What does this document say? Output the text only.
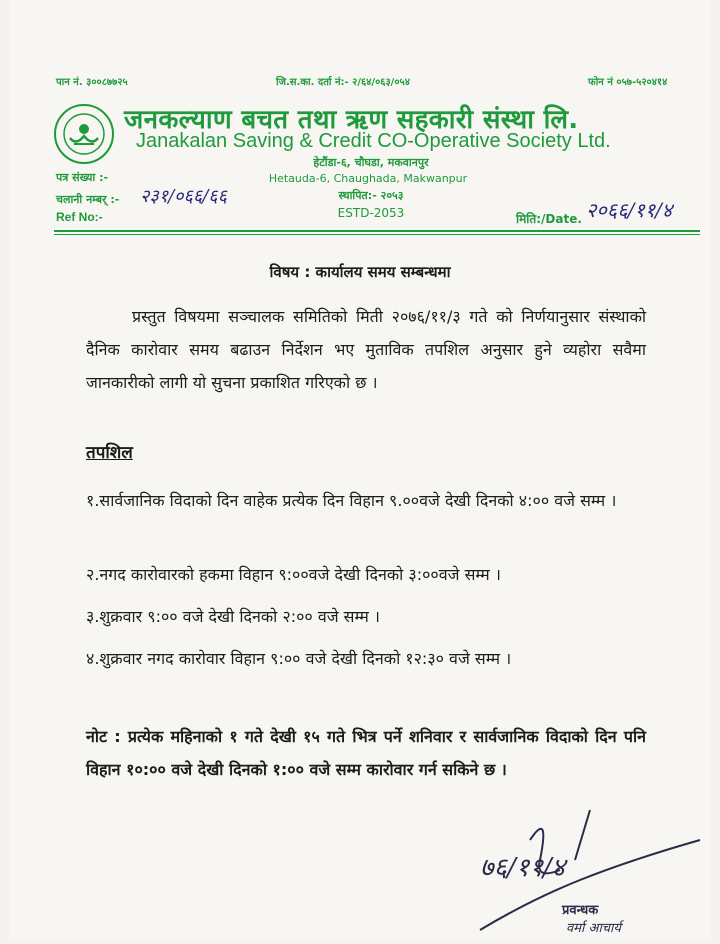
पान नं. ३००८७७२५	जि.स.का. दर्ता नं:- २/६४/०६३/०५४	फोन नं ०५७-५२०४१४
जनकल्याण बचत तथा ऋण सहकारी संस्था लि.
Janakalan Saving & Credit CO-Operative Society Ltd.
हेटौंडा-६, चौघडा, मकवानपुर
Hetauda-6, Chaughada, Makwanpur
स्थापित:- २०५३
ESTD-2053
पत्र संख्या :-
चलानी नम्बर् :- २३१/०६६/६६
Ref No:-	मिति:/Date. २०६६/११/४
विषय : कार्यालय समय सम्बन्धमा
प्रस्तुत विषयमा सञ्चालक समितिको मिती २०७६/११/३ गते को निर्णयानुसार संस्थाको दैनिक कारोवार समय बढाउन निर्देशन भए मुताविक तपशिल अनुसार हुने व्यहोरा सवैमा जानकारीको लागी यो सुचना प्रकाशित गरिएको छ ।
तपशिल
१.सार्वजानिक विदाको दिन वाहेक प्रत्येक दिन विहान ९.००वजे देखी दिनको ४:०० वजे सम्म ।
२.नगद कारोवारको हकमा विहान ९:००वजे देखी दिनको ३:००वजे सम्म ।
३.शुक्रवार ९:०० वजे देखी दिनको २:०० वजे सम्म ।
४.शुक्रवार नगद कारोवार विहान ९:०० वजे देखी दिनको १२:३० वजे सम्म ।
नोट : प्रत्येक महिनाको १ गते देखी १५ गते भित्र पर्ने शनिवार र सार्वजानिक विदाको दिन पनि विहान १०:०० वजे देखी दिनको १:०० वजे सम्म कारोवार गर्न सकिने छ ।
७६/११/४
प्रवन्धक
वर्मा आचार्य
